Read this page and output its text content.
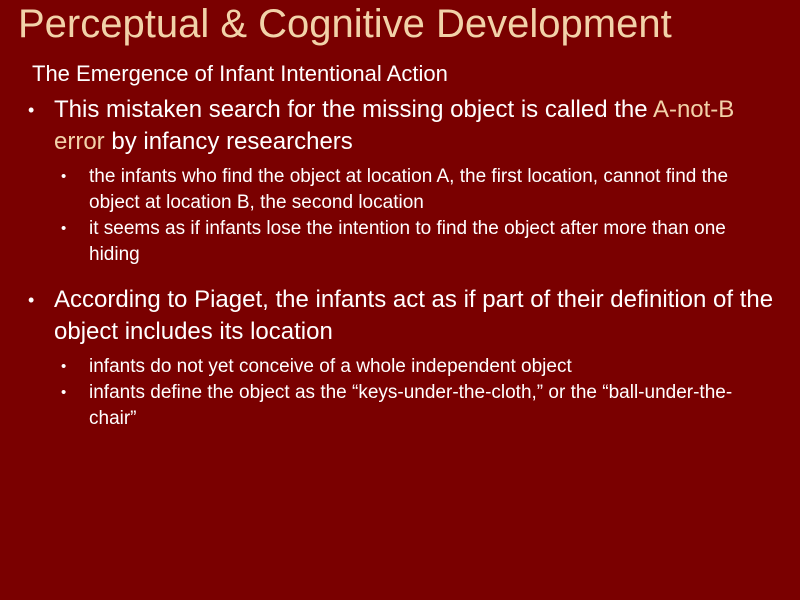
Perceptual & Cognitive Development
The Emergence of Infant Intentional Action
• This mistaken search for the missing object is called the A-not-B error by infancy researchers
• the infants who find the object at location A, the first location, cannot find the object at location B, the second location
• it seems as if infants lose the intention to find the object after more than one hiding
• According to Piaget, the infants act as if part of their definition of the object includes its location
• infants do not yet conceive of a whole independent object
• infants define the object as the “keys-under-the-cloth,” or the “ball-under-the-chair”
